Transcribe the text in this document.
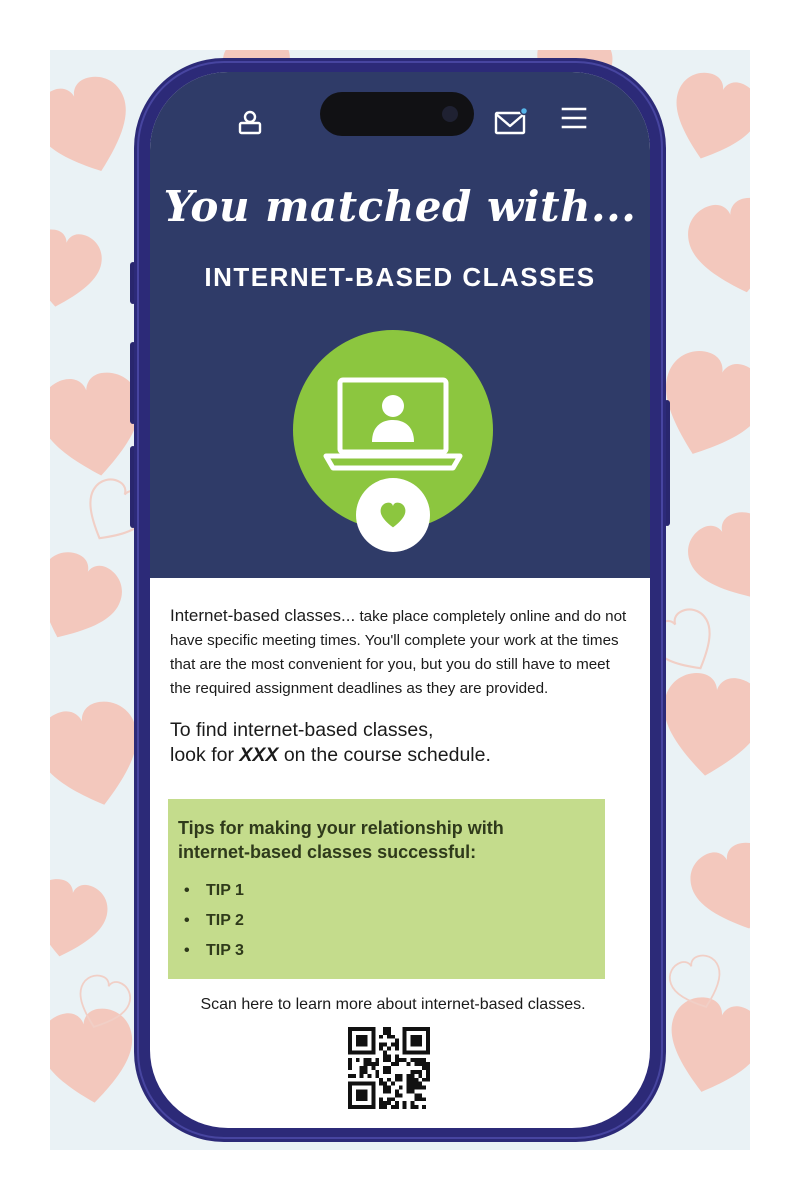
You matched with...
INTERNET-BASED CLASSES
Internet-based classes... take place completely online and do not have specific meeting times. You'll complete your work at the times that are the most convenient for you, but you do still have to meet the required assignment deadlines as they are provided.
To find internet-based classes,
look for XXX on the course schedule.
Tips for making your relationship with internet-based classes successful:
• TIP 1
• TIP 2
• TIP 3
Scan here to learn more about internet-based classes.
